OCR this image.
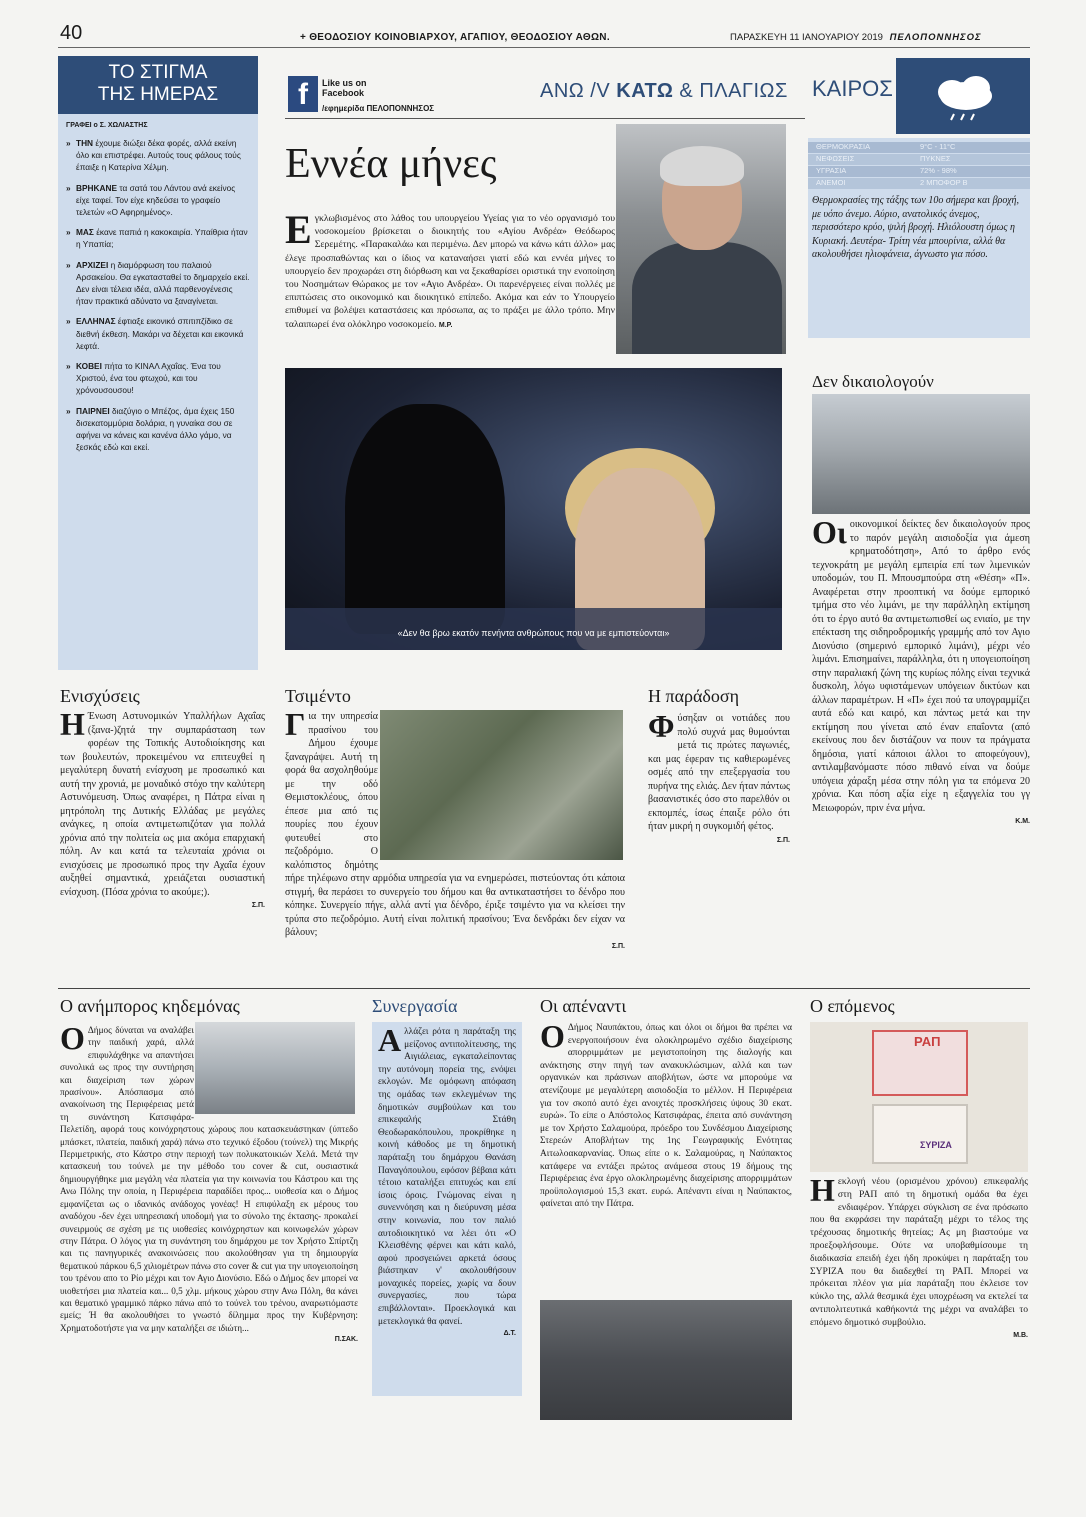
40	+ ΘΕΟΔΟΣΙΟΥ ΚΟΙΝΟΒΙΑΡΧΟΥ, ΑΓΑΠΙΟΥ, ΘΕΟΔΟΣΙΟΥ ΑΘΩΝ.	ΠΑΡΑΣΚΕΥΗ 11 ΙΑΝΟΥΑΡΙΟΥ 2019 ΠΕΛΟΠΟΝΝΗΣΟΣ
ΤΟ ΣΤΙΓΜΑ
ΤΗΣ ΗΜΕΡΑΣ
ΓΡΑΦΕΙ ο Σ. ΧΩΛΙΑΣΤΗΣ
» ΤΗΝ έχουμε διώξει δέκα φορές, αλλά εκείνη όλο και επιστρέφει. Αυτούς τους φάλους τούς έπαιξε η Κατερίνα Χέλμη.
» ΒΡΗΚΑΝΕ τα σατά του Λάντου ανά εκείνος είχε ταφεί. Τον είχε κηδεύσει το γραφείο τελετών «Ο Αφηρημένος».
» ΜΑΣ έκανε παπιά η κακοκαιρία. Υπαίθρια ήταν η Υπαπία;
» ΑΡΧΙΖΕΙ η διαμόρφωση του παλαιού Αρσακείου. Θα εγκατασταθεί το δημαρχείο εκεί. Δεν είναι τέλεια ιδέα, αλλά παρθενογένεσις ήταν πρακτικά αδύνατο να ξαναγίνεται.
» ΕΛΛΗΝΑΣ έφτιαξε εικονικό σπιτιπζίδικο σε διεθνή έκθεση. Μακάρι να δέχεται και εικονικά λεφτά.
» ΚΟΒΕΙ πήτα το ΚΙΝΑΛ Αχαΐας. Ένα του Χριστού, ένα του φτωχού, και του χρόνουσουσου!
» ΠΑΙΡΝΕΙ διαζύγιο ο Μπέζος, άμα έχεις 150 δισεκατομμύρια δολάρια, η γυναίκα σου σε αφήνει να κάνεις και κανένα άλλο γάμο, να ξεσκάς εδώ και εκεί.
f	Like us on
Facebook
/εφημερίδα ΠΕΛΟΠΟΝΝΗΣΟΣ
ΑΝΩ /V ΚΑΤΩ & ΠΛΑΓΙΩΣ
Εννέα μήνες
Εγκλωβισμένος στο λάθος του υπουργείου Υγείας για το νέο οργανισμό του νοσοκομείου βρίσκεται ο διοικητής του «Αγίου Ανδρέα» Θεόδωρος Σερεμέτης. «Παρακαλάω και περιμένω. Δεν μπορώ να κάνω κάτι άλλο» μας έλεγε προσπαθώντας και ο ίδιος να καταναήσει γιατί εδώ και εννέα μήνες το υπουργείο δεν προχωράει στη διόρθωση και να ξεκαθαρίσει οριστικά την ενοποίηση του Νοσημάτων Θώρακος με τον «Αγιο Ανδρέα». Οι παρενέργειες είναι πολλές με επιπτώσεις στο οικονομικό και διοικητικό επίπεδο. Ακόμα και εάν το Υπουργείο επιθυμεί να βολέψει καταστάσεις και πρόσωπα, ας το πράξει με άλλο τρόπο. Μην ταλαιπωρεί ένα ολόκληρο νοσοκομείο. Μ.Ρ.
ΚΑΙΡΟΣ
ΘΕΡΜΟΚΡΑΣΙΑ	9°C - 11°C
ΝΕΦΩΣΕΙΣ	ΠΥΚΝΕΣ
ΥΓΡΑΣΙΑ	72% - 98%
ΑΝΕΜΟΙ	2 ΜΠΟΦΟΡ Β
Θερμοκρασίες της τάξης των 10ο σήμερα και βροχή, με υόπο άνεμο. Αύριο, ανατολικός άνεμος, περισσότερο κρύο, ψιλή βροχή. Ηλιόλουστη όμως η Κυριακή. Δευτέρα- Τρίτη νέα μπουρίνια, αλλά θα ακολουθήσει ηλιοφάνεια, άγνωστο για πόσο.
«Δεν θα βρω εκατόν πενήντα ανθρώπους που να με εμπιστεύονται»
Δεν δικαιολογούν
Οι οικονομικοί δείκτες δεν δικαιολογούν προς το παρόν μεγάλη αισιοδοξία για άμεση κρηματοδότηση», Από το άρθρο ενός τεχνοκράτη με μεγάλη εμπειρία επί των λιμενικών υποδομών, του Π. Μπουσμπούρα στη «Θέση» «Π». Αναφέρεται στην προοπτική να δούμε εμπορικό τμήμα στο νέο λιμάνι, με την παράλληλη εκτίμηση ότι το έργο αυτό θα αντιμετωπισθεί ως ενιαίο, με την επέκταση της σιδηροδρομικής γραμμής από τον Αγιο Διονύσιο (σημερινό εμπορικό λιμάνι), μέχρι νέο λιμάνι. Επισημαίνει, παράλληλα, ότι η υπογειοποίηση στην παραλιακή ζώνη της κυρίως πόλης είναι τεχνικά δυσκολη, λόγω υφιστάμενων υπόγειων δικτύων και άλλων παραμέτρων. Η «Π» έχει πού τα υπογραμμίζει αυτά εδώ και καιρό, και πάντως μετά και την εκτίμηση που γίνεται από έναν επαΐοντα (από εκείνους που δεν διστάζουν να πουν τα πράγματα δημόσια, γιατί κάποιοι άλλοι το αποφεύγουν), αντιλαμβανόμαστε πόσο πιθανό είναι να δούμε υπόγεια χάραξη μέσα στην πόλη για τα επόμενα 20 χρόνια. Και πόση αξία είχε η εξαγγελία του γγ Μειωφορών, πριν ένα μήνα.
Κ.Μ.
Ενισχύσεις
Η Ένωση Αστυνομικών Υπαλλήλων Αχαΐας (ξανα-)ζητά την συμπαράσταση των φορέων της Τοπικής Αυτοδιοίκησης και των βουλευτών, προκειμένου να επιτευχθεί η μεγαλύτερη δυνατή ενίσχυση με προσωπικό και αυτή την χρονιά, με μοναδικό στόχο την καλύτερη Αστυνόμευση. Όπως αναφέρει, η Πάτρα είναι η μητρόπολη της Δυτικής Ελλάδας με μεγάλες ανάγκες, η οποία αντιμετωπιζόταν για πολλά χρόνια από την πολιτεία ως μια ακόμα επαρχιακή πόλη. Αν και κατά τα τελευταία χρόνια οι ενισχύσεις με προσωπικό προς την Αχαΐα έχουν αυξηθεί σημαντικά, χρειάζεται ουσιαστική ενίσχυση. (Πόσα χρόνια το ακούμε;).
Σ.Π.
Τσιμέντο
Για την υπηρεσία πρασίνου του Δήμου έχουμε ξαναγράψει. Αυτή τη φορά θα ασχοληθούμε με την οδό Θεμιστοκλέους, όπου έπεσε μια από τις πουρίες που έχουν φυτευθεί στο πεζοδρόμιο. Ο καλόπιστος δημότης πήρε τηλέφωνο στην αρμόδια υπηρεσία για να ενημερώσει, πιστεύοντας ότι κάποια στιγμή, θα περάσει το συνεργείο του δήμου και θα αντικαταστήσει το δένδρο που κόπηκε. Συνεργείο πήγε, αλλά αντί για δένδρο, έριξε τσιμέντο για να κλείσει την τρύπα στο πεζοδρόμιο. Αυτή είναι πολιτική πρασίνου; Ένα δενδράκι δεν είχαν να βάλουν;
Σ.Π.
Η παράδοση
Φύσηξαν οι νοτιάδες που πολύ συχνά μας θυμούνται μετά τις πρώτες παγωνιές, και μας έφεραν τις καθιερωμένες οσμές από την επεξεργασία του πυρήνα της ελιάς. Δεν ήταν πάντως βασανιστικές όσο στο παρελθόν οι εκπομπές, ίσως έπαιξε ρόλο ότι ήταν μικρή η συγκομιδή φέτος.
Σ.Π.
Ο ανήμπορος κηδεμόνας
Ο Δήμος δύναται να αναλάβει την παιδική χαρά, αλλά επιφυλάχθηκε να απαντήσει συνολικά ως προς την συντήρηση και διαχείριση των χώρων πρασίνου». Απόσπασμα από ανακοίνωση της Περιφέρειας μετά τη συνάντηση Κατσιφάρα-Πελετίδη, αφορά τους κοινόχρηστους χώρους που κατασκευάστηκαν (ύπτεδο μπάσκετ, πλατεία, παιδική χαρά) πάνω στο τεχνικό έξοδου (τούνελ) της Μικρής Περιμετρικής, στο Κάστρο στην περιοχή των πολυκατοικιών Χελά. Μετά την κατασκευή του τούνελ με την μέθοδο του cover & cut, ουσιαστικά δημιουργήθηκε μια μεγάλη νέα πλατεία για την κοινωνία του Κάστρου και της Ανω Πόλης την οποία, η Περιφέρεια παραδίδει προς... υιοθεσία και ο Δήμος εμφανίζεται ως ο ιδανικός ανάδοχος γονέας! Η επιφύλαξη εκ μέρους του αναδόχου -δεν έχει υπηρεσιακή υποδομή για το σύνολο της έκτασης- προκαλεί συνειρμούς σε σχέση με τις υιοθεσίες κοινόχρηστων και κοινωφελών χώρων στην Πάτρα. Ο λόγος για τη συνάντηση του δημάρχου με τον Χρήστο Σπίρτζη και τις πανηγυρικές ανακοινώσεις που ακολούθησαν για τη δημιουργία θεματικού πάρκου 6,5 χιλιομέτρων πάνω στο cover & cut για την υπογειοποίηση του τρένου απο το Ρίο μέχρι και τον Αγιο Διονύσιο. Εδώ ο Δήμος δεν μπορεί να υιοθετήσει μια πλατεία και... 0,5 χλμ. μήκους χώρου στην Ανω Πόλη, θα κάνει και θεματικό γραμμικό πάρκο πάνω από το τούνελ του τρένου, αναρωτιόμαστε εμείς; Ή θα ακολουθήσει το γνωστό δίλημμα προς την Κυβέρνηση: Χρηματοδοτήστε για να μην καταλήξει σε ιδιώτη...
Π.ΣΑΚ.
Συνεργασία
Αλλάζει ρότα η παράταξη της μείζονος αντιπολίτευσης, της Αιγιάλειας, εγκαταλείποντας την αυτόνομη πορεία της, ενόψει εκλογών. Με ομόφωνη απόφαση της ομάδας των εκλεγμένων της δημοτικών συμβούλων και του επικεφαλής Στάθη Θεοδωρακόπουλου, προκρίθηκε η κοινή κάθοδος με τη δημοτική παράταξη του δημάρχου Θανάση Παναγόπουλου, εφόσον βέβαια κάτι τέτοιο καταλήξει επιτυχώς και επί ίσοις όροις. Γνώμονας είναι η συνεννόηση και η διεύρυνση μέσα στην κοινωνία, που τον παλιό αυτοδιοικητικό να λέει ότι «Ο Κλεισθένης φέρνει και κάτι καλό, αφού προσγειώνει αρκετά όσους βιάστηκαν ν' ακολουθήσουν μοναχικές πορείες, χωρίς να δουν συνεργασίες, που τώρα επιβάλλονται». Προεκλογικά και μετεκλογικά θα φανεί.
Δ.Τ.
Οι απέναντι
Ο Δήμος Ναυπάκτου, όπως και όλοι οι δήμοι θα πρέπει να ενεργοποιήσουν ένα ολοκληρωμένο σχέδιο διαχείρισης απορριμμάτων με μεγιστοποίηση της διαλογής και ανάκτησης στην πηγή των ανακυκλώσιμων, αλλά και των οργανικών και πράσινων αποβλήτων, ώστε να μπορούμε να ατενίζουμε με μεγαλύτερη αισιοδοξία το μέλλον. Η Περιφέρεια για τον σκοπό αυτό έχει ανοιχτές προσκλήσεις ύψους 30 εκατ. ευρώ». Το είπε ο Απόστολος Κατσιφάρας, έπειτα από συνάντηση με τον Χρήστο Σαλαμούρα, πρόεδρο του Συνδέσμου Διαχείρισης Στερεών Αποβλήτων της 1ης Γεωγραφικής Ενότητας Αιτωλοακαρνανίας. Όπως είπε ο κ. Σαλαμούρας, η Ναύπακτος κατάφερε να εντάξει πρώτος ανάμεσα στους 19 δήμους της Περιφέρειας ένα έργο ολοκληρωμένης διαχείρισης απορριμμάτων προϋπολογισμού 15,3 εκατ. ευρώ. Απέναντι είναι η Ναύπακτος, φαίνεται από την Πάτρα.
Ο επόμενος
ΡΑΠ
ΣΥΡΙΖΑ
Η εκλογή νέου (ορισμένου χρόνου) επικεφαλής στη ΡΑΠ από τη δημοτική ομάδα θα έχει ενδιαφέρον. Υπάρχει σύγκλιση σε ένα πρόσωπο που θα εκφράσει την παράταξη μέχρι το τέλος της τρέχουσας δημοτικής θητείας; Ας μη βιαστούμε να προεξοφλήσουμε. Ούτε να υποβαθμίσουμε τη διαδικασία επειδή έχει ήδη προκύψει η παράταξη του ΣΥΡΙΖΑ που θα διαδεχθεί τη ΡΑΠ. Μπορεί να πρόκειται πλέον για μία παράταξη που έκλεισε τον κύκλο της, αλλά θεσμικά έχει υποχρέωση να εκτελεί τα αντιπολιτευτικά καθήκοντά της μέχρι να αναλάβει το επόμενο δημοτικό συμβούλιο.
Μ.Β.
